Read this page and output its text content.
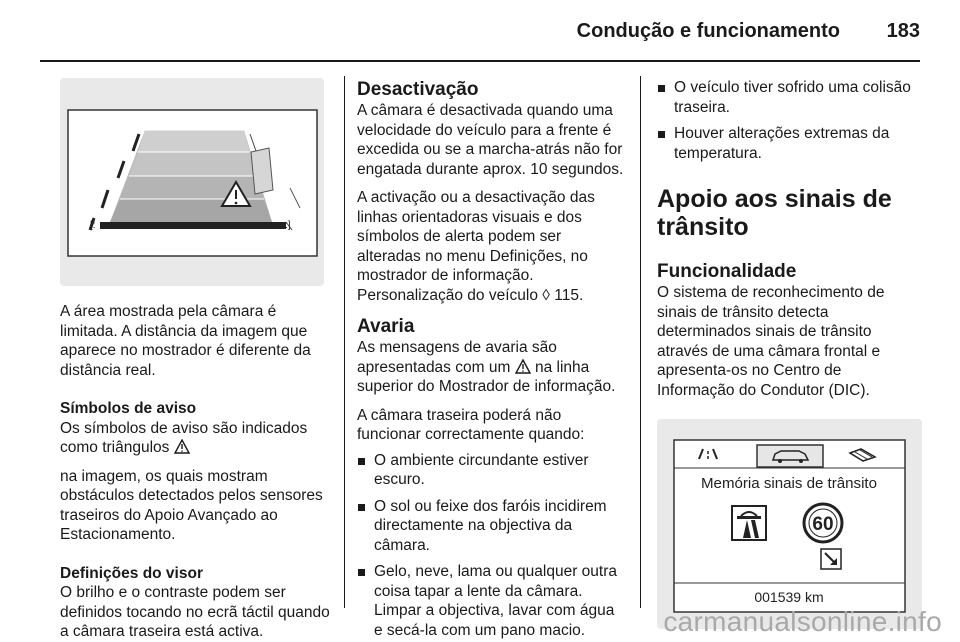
Condução e funcionamento 183
[:	:]

A área mostrada pela câmara é limitada. A distância da imagem que aparece no mostrador é diferente da distância real.

Símbolos de aviso

Os símbolos de aviso são indicados como triângulos

na imagem, os quais mostram obstáculos detectados pelos sensores traseiros do Apoio Avançado ao Estacionamento.

Definições do visor

O brilho e o contraste podem ser definidos tocando no ecrã táctil quando a câmara traseira está activa.

Desactivação

A câmara é desactivada quando uma velocidade do veículo para a frente é excedida ou se a marcha-atrás não for engatada durante aprox. 10 segundos.

A activação ou a desactivação das linhas orientadoras visuais e dos símbolos de alerta podem ser alteradas no menu Definições, no mostrador de informação. Personalização do veículo ◊ 115.

Avaria

As mensagens de avaria são apresentadas com um na linha superior do Mostrador de informação.

A câmara traseira poderá não funcionar correctamente quando:

O ambiente circundante estiver escuro.
O sol ou feixe dos faróis incidirem directamente na objectiva da câmara.
Gelo, neve, lama ou qualquer outra coisa tapar a lente da câmara. Limpar a objectiva, lavar com água e secá-la com um pano macio.
O veículo tiver sofrido uma colisão traseira.
Houver alterações extremas da temperatura.
Apoio aos sinais de trânsito
Funcionalidade

O sistema de reconhecimento de sinais de trânsito detecta determinados sinais de trânsito através de uma câmara frontal e apresenta-os no Centro de Informação do Condutor (DIC).

Memória sinais de trânsito
60
001539 km
carmanualsonline.info
